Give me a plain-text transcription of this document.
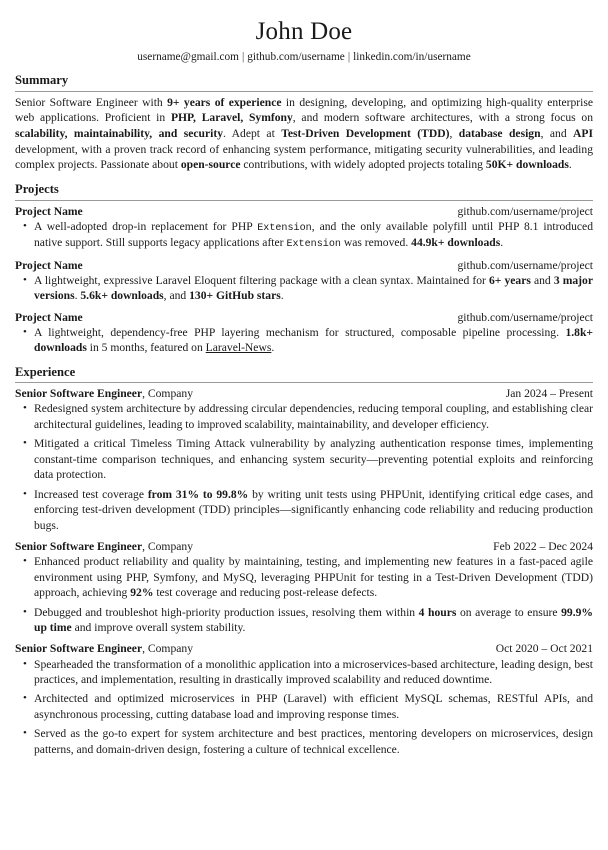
John Doe
username@gmail.com | github.com/username | linkedin.com/in/username
Summary

Senior Software Engineer with 9+ years of experience in designing, developing, and optimizing high-quality enterprise web applications. Proficient in PHP, Laravel, Symfony, and modern software architectures, with a strong focus on scalability, maintainability, and security. Adept at Test-Driven Development (TDD), database design, and API development, with a proven track record of enhancing system performance, mitigating security vulnerabilities, and leading complex projects. Passionate about open-source contributions, with widely adopted projects totaling 50K+ downloads.

Projects
Project Name	github.com/username/project
• A well-adopted drop-in replacement for PHP Extension, and the only available polyfill until PHP 8.1 introduced native support. Still supports legacy applications after Extension was removed. 44.9k+ downloads.
Project Name	github.com/username/project
• A lightweight, expressive Laravel Eloquent filtering package with a clean syntax. Maintained for 6+ years and 3 major versions. 5.6k+ downloads, and 130+ GitHub stars.
Project Name	github.com/username/project
• A lightweight, dependency-free PHP layering mechanism for structured, composable pipeline processing. 1.8k+ downloads in 5 months, featured on Laravel-News.
Experience
Senior Software Engineer, Company	Jan 2024 – Present
• Redesigned system architecture by addressing circular dependencies, reducing temporal coupling, and establishing clear architectural guidelines, leading to improved scalability, maintainability, and developer efficiency.
• Mitigated a critical Timeless Timing Attack vulnerability by analyzing authentication response times, implementing constant-time comparison techniques, and enhancing system security—preventing potential exploits and reinforcing data protection.
• Increased test coverage from 31% to 99.8% by writing unit tests using PHPUnit, identifying critical edge cases, and enforcing test-driven development (TDD) principles—significantly enhancing code reliability and reducing production bugs.
Senior Software Engineer, Company	Feb 2022 – Dec 2024
• Enhanced product reliability and quality by maintaining, testing, and implementing new features in a fast-paced agile environment using PHP, Symfony, and MySQ, leveraging PHPUnit for testing in a Test-Driven Development (TDD) approach, achieving 92% test coverage and reducing post-release defects.
• Debugged and troubleshot high-priority production issues, resolving them within 4 hours on average to ensure 99.9% up time and improve overall system stability.
Senior Software Engineer, Company	Oct 2020 – Oct 2021
• Spearheaded the transformation of a monolithic application into a microservices-based architecture, leading design, best practices, and implementation, resulting in drastically improved scalability and reduced downtime.
• Architected and optimized microservices in PHP (Laravel) with efficient MySQL schemas, RESTful APIs, and asynchronous processing, cutting database load and improving response times.
• Served as the go-to expert for system architecture and best practices, mentoring developers on microservices, design patterns, and domain-driven design, fostering a culture of technical excellence.
